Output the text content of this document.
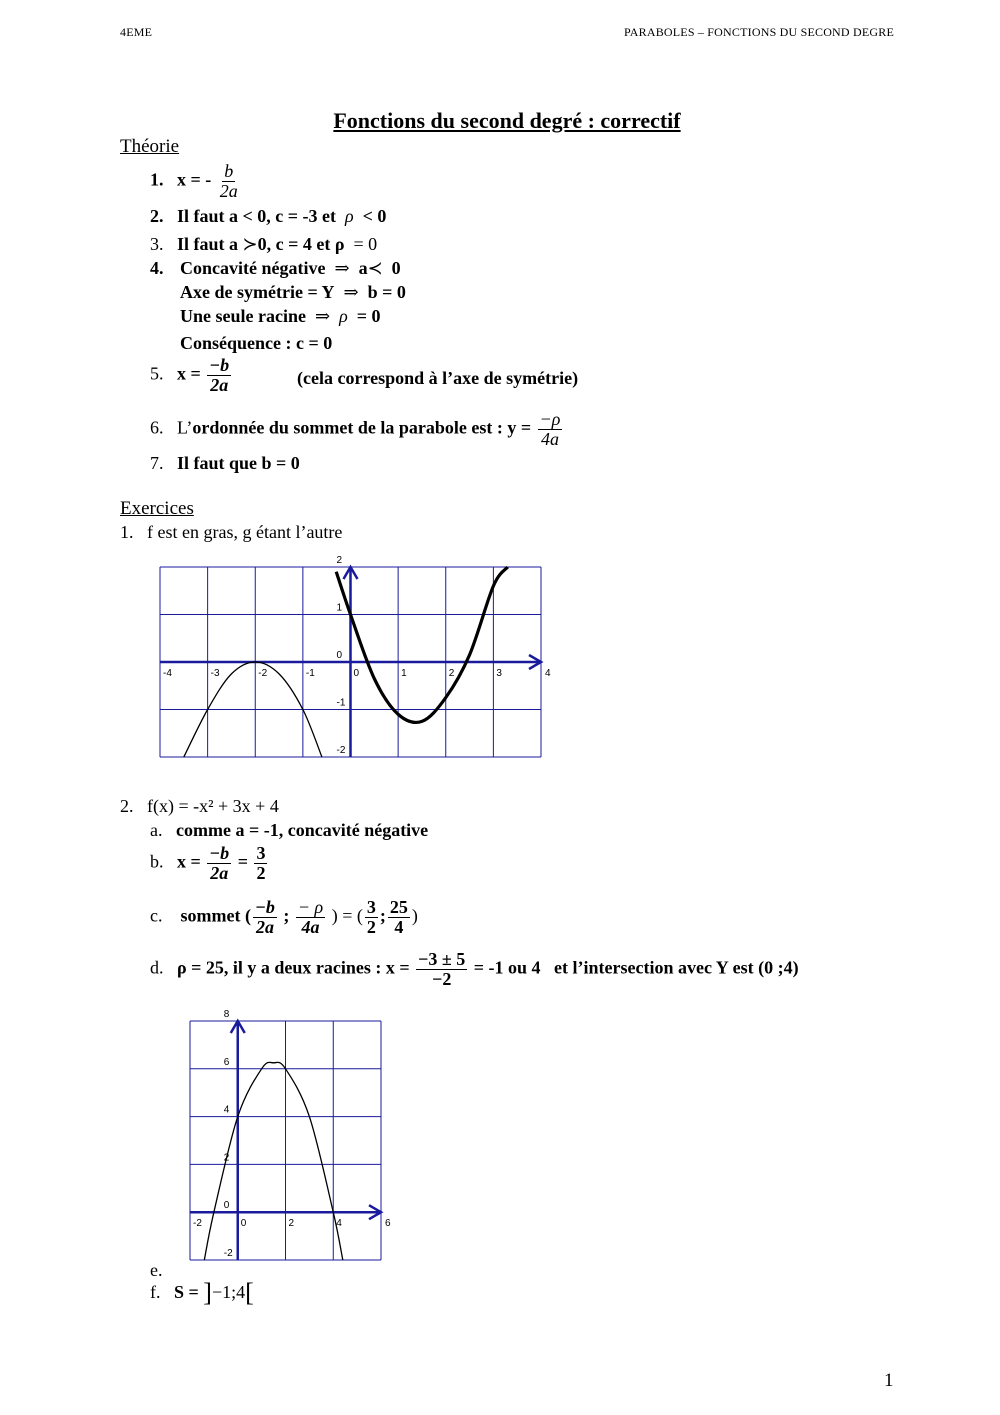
4EME	PARABOLES – FONCTIONS DU SECOND DEGRE
Fonctions du second degré : correctif
Théorie
1. x = - $\frac{b}{2a}$
2. Il faut a < 0, c = -3 et ρ < 0
3. Il faut a ≻0, c = 4 et ρ = 0
4. Concavité négative ⇒ a≺ 0
Axe de symétrie = Y ⇒ b = 0
Une seule racine ⇒ ρ = 0
Conséquence : c = 0
5. $x = \frac{-b}{2a}$	(cela correspond à l’axe de symétrie)
6. L’ordonnée du sommet de la parabole est : $y = \frac{-\rho}{4a}$
7. Il faut que b = 0
Exercices
1. f est en gras, g étant l’autre
-4	-3	-2	-1	0	1	2	3	4
2
1
0
-1
-2
2. f(x) = -x² + 3x + 4
a. comme a = -1, concavité négative
b. $x = \frac{-b}{2a} = \frac{3}{2}$
c. sommet ( $\frac{-b}{2a}$ ; $\frac{- \rho}{4a}$ ) = ( $\frac{3}{2}$ ; $\frac{25}{4}$ )
d. ρ = 25, il y a deux racines : $x = \frac{-3 \pm 5}{-2} = -1$ ou 4 et l’intersection avec Y est (0 ;4)
-2	0	2	4	6
8
6
4
2
0
-2
e.
f. S = ]−1;4[
1
